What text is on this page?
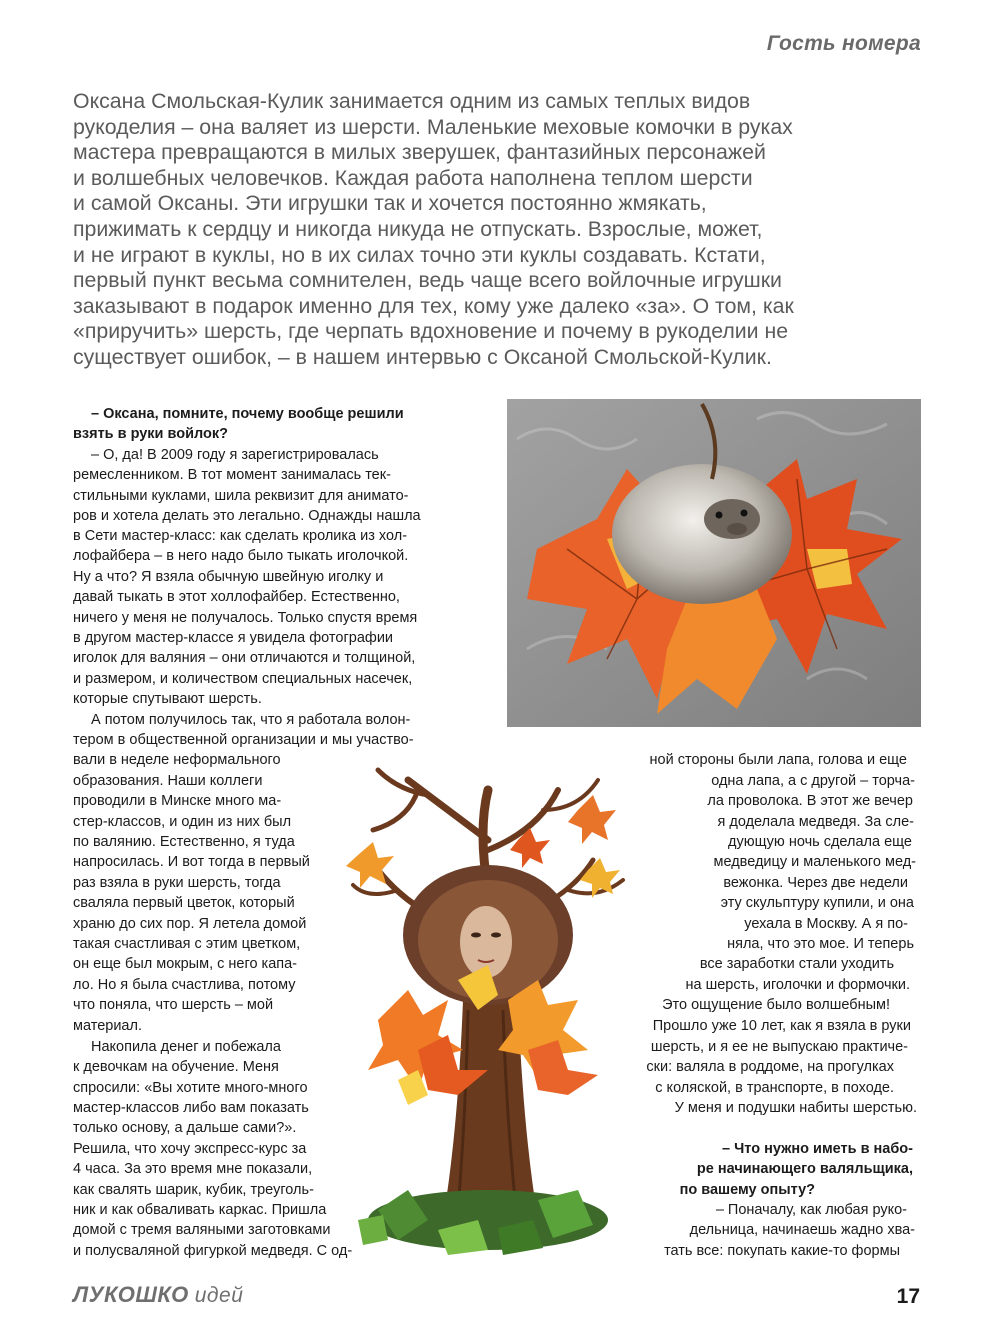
Гость номера
Оксана Смольская-Кулик занимается одним из самых теплых видов
рукоделия – она валяет из шерсти. Маленькие меховые комочки в руках
мастера превращаются в милых зверушек, фантазийных персонажей
и волшебных человечков. Каждая работа наполнена теплом шерсти
и самой Оксаны. Эти игрушки так и хочется постоянно жмякать,
прижимать к сердцу и никогда никуда не отпускать. Взрослые, может,
и не играют в куклы, но в их силах точно эти куклы создавать. Кстати,
первый пункт весьма сомнителен, ведь чаще всего войлочные игрушки
заказывают в подарок именно для тех, кому уже далеко «за». О том, как
«приручить» шерсть, где черпать вдохновение и почему в рукоделии не
существует ошибок, – в нашем интервью с Оксаной Смольской-Кулик.
– Оксана, помните, почему вообще решили
взять в руки войлок?
– О, да! В 2009 году я зарегистрировалась
ремесленником. В тот момент занималась тек-
стильными куклами, шила реквизит для анимато-
ров и хотела делать это легально. Однажды нашла
в Сети мастер-класс: как сделать кролика из хол-
лофайбера – в него надо было тыкать иголочкой.
Ну а что? Я взяла обычную швейную иголку и
давай тыкать в этот холлофайбер. Естественно,
ничего у меня не получалось. Только спустя время
в другом мастер-классе я увидела фотографии
иголок для валяния – они отличаются и толщиной,
и размером, и количеством специальных насечек,
которые спутывают шерсть.
А потом получилось так, что я работала волон-
тером в общественной организации и мы участво-
вали в неделе неформального
образования. Наши коллеги
проводили в Минске много ма-
стер-классов, и один из них был
по валянию. Естественно, я туда
напросилась. И вот тогда в первый
раз взяла в руки шерсть, тогда
сваляла первый цветок, который
храню до сих пор. Я летела домой
такая счастливая с этим цветком,
он еще был мокрым, с него капа-
ло. Но я была счастлива, потому
что поняла, что шерсть – мой
материал.
Накопила денег и побежала
к девочкам на обучение. Меня
спросили: «Вы хотите много-много
мастер-классов либо вам показать
только основу, а дальше сами?».
Решила, что хочу экспресс-курс за
4 часа. За это время мне показали,
как свалять шарик, кубик, треуголь-
ник и как обваливать каркас. Пришла
домой с тремя валяными заготовками
и полусваляной фигуркой медведя. С од-
ной стороны были лапа, голова и еще
одна лапа, а с другой – торча-
ла проволока. В этот же вечер
я доделала медведя. За сле-
дующую ночь сделала еще
медведицу и маленького мед-
вежонка. Через две недели
эту скульптуру купили, и она
уехала в Москву. А я по-
няла, что это мое. И теперь
все заработки стали уходить
на шерсть, иголочки и формочки.
Это ощущение было волшебным!
Прошло уже 10 лет, как я взяла в руки
шерсть, и я ее не выпускаю практиче-
ски: валяла в роддоме, на прогулках
с коляской, в транспорте, в походе.
У меня и подушки набиты шерстью.
– Что нужно иметь в набо-
ре начинающего валяльщика,
по вашему опыту?
– Поначалу, как любая руко-
дельница, начинаешь жадно хва-
тать все: покупать какие-то формы
ЛУКОШКО идей	17
